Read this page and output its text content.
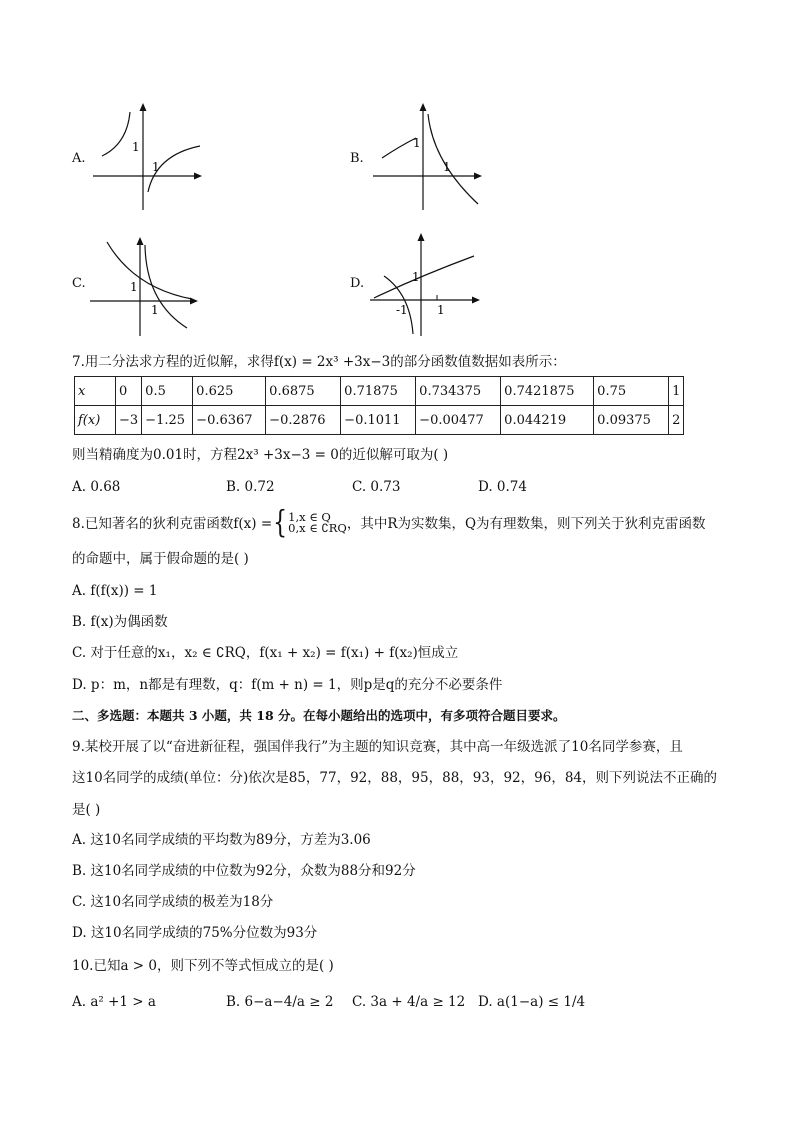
A.
1
1
B.
1
1
C.	1
1
D.	1
-1 1
7.用二分法求方程的近似解，求得f(x) = 2x³ +3x−3的部分函数值数据如表所示：
x	0	0.5	0.625	0.6875	0.71875	0.734375	0.7421875	0.75	1
f(x)	−3	−1.25	−0.6367	−0.2876	−0.1011	−0.00477	0.044219	0.09375	2
则当精确度为0.01时，方程2x³ +3x−3 = 0的近似解可取为( )
A. 0.68	B. 0.72	C. 0.73	D. 0.74
8.已知著名的狄利克雷函数f(x) ={ 1,x ∈ Q
0,x ∈ ∁RQ ，其中R为实数集，Q为有理数集，则下列关于狄利克雷函数
的命题中，属于假命题的是( )
A. f(f(x)) = 1
B. f(x)为偶函数
C. 对于任意的x₁，x₂ ∈ ∁RQ，f(x₁ + x₂) = f(x₁) + f(x₂)恒成立
D. p：m，n都是有理数，q：f(m + n) = 1，则p是q的充分不必要条件
二、多选题：本题共 3 小题，共 18 分。在每小题给出的选项中，有多项符合题目要求。
9.某校开展了以“奋进新征程，强国伴我行”为主题的知识竞赛，其中高一年级选派了10名同学参赛，且
这10名同学的成绩(单位：分)依次是85，77，92，88，95，88，93，92，96，84，则下列说法不正确的
是( )
A. 这10名同学成绩的平均数为89分，方差为3.06
B. 这10名同学成绩的中位数为92分，众数为88分和92分
C. 这10名同学成绩的极差为18分
D. 这10名同学成绩的75%分位数为93分
10.已知a > 0，则下列不等式恒成立的是( )
A. a² +1 > a	B. 6−a−4/a ≥ 2 C. 3a + 4/a ≥ 12 D. a(1−a) ≤ 1/4
